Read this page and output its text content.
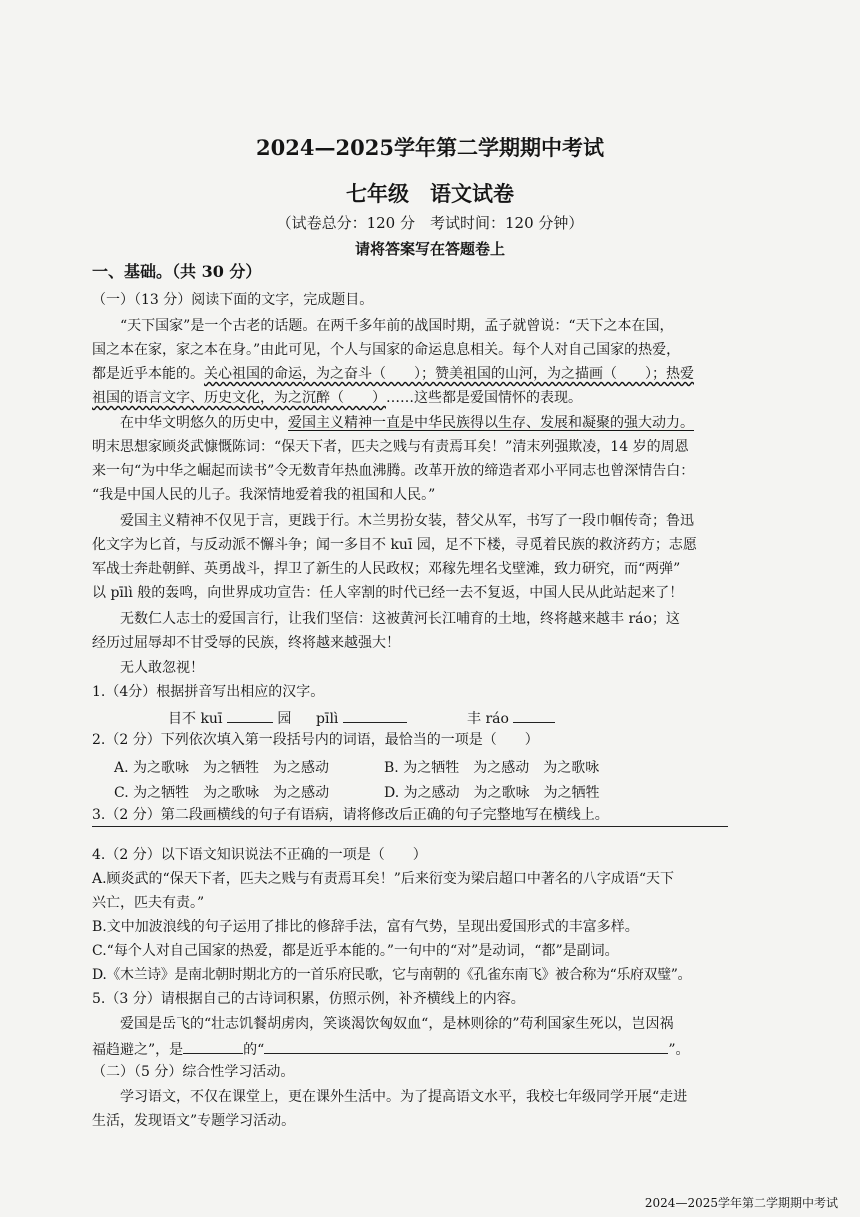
2024—2025学年第二学期期中考试
七年级　语文试卷
（试卷总分：120 分　考试时间：120 分钟）
请将答案写在答题卷上
一、基础。（共 30 分）
（一）（13 分）阅读下面的文字，完成题目。
“天下国家”是一个古老的话题。在两千多年前的战国时期，孟子就曾说：“天下之本在国，
国之本在家，家之本在身。”由此可见，个人与国家的命运息息相关。每个人对自己国家的热爱，
都是近乎本能的。关心祖国的命运，为之奋斗（　　）；赞美祖国的山河，为之描画（　　）；热爱
祖国的语言文字、历史文化，为之沉醉（　　）……这些都是爱国情怀的表现。
在中华文明悠久的历史中，爱国主义精神一直是中华民族得以生存、发展和凝聚的强大动力。
明末思想家顾炎武慷慨陈词：“保天下者，匹夫之贱与有责焉耳矣！”清末列强欺凌，14 岁的周恩
来一句“为中华之崛起而读书”令无数青年热血沸腾。改革开放的缔造者邓小平同志也曾深情告白：
“我是中国人民的儿子。我深情地爱着我的祖国和人民。”
爱国主义精神不仅见于言，更践于行。木兰男扮女装，替父从军，书写了一段巾帼传奇；鲁迅
化文字为匕首，与反动派不懈斗争；闻一多目不 kuī 园，足不下楼，寻觅着民族的救济药方；志愿
军战士奔赴朝鲜、英勇战斗，捍卫了新生的人民政权；邓稼先埋名戈壁滩，致力研究，而“两弹”
以 pīlì 般的轰鸣，向世界成功宣告：任人宰割的时代已经一去不复返，中国人民从此站起来了！
无数仁人志士的爱国言行，让我们坚信：这被黄河长江哺育的土地，终将越来越丰 ráo；这
经历过屈辱却不甘受辱的民族，终将越来越强大！
无人敢忽视！
1.（4分）根据拼音写出相应的汉字。
目不 kuī	园 pīlì	丰 ráo
2.（2 分）下列依次填入第一段括号内的词语，最恰当的一项是（　　）
A. 为之歌咏　为之牺牲　为之感动	B. 为之牺牲　为之感动　为之歌咏
C. 为之牺牲　为之歌咏　为之感动	D. 为之感动　为之歌咏　为之牺牲
3.（2 分）第二段画横线的句子有语病，请将修改后正确的句子完整地写在横线上。
4.（2 分）以下语文知识说法不正确的一项是（　　）
A.顾炎武的“保天下者，匹夫之贱与有责焉耳矣！”后来衍变为梁启超口中著名的八字成语“天下
兴亡，匹夫有责。”
B.文中加波浪线的句子运用了排比的修辞手法，富有气势，呈现出爱国形式的丰富多样。
C.“每个人对自己国家的热爱，都是近乎本能的。”一句中的“对”是动词，“都”是副词。
D.《木兰诗》是南北朝时期北方的一首乐府民歌，它与南朝的《孔雀东南飞》被合称为“乐府双璧”。
5.（3 分）请根据自己的古诗词积累，仿照示例，补齐横线上的内容。
爱国是岳飞的“壮志饥餐胡虏肉，笑谈渴饮匈奴血“，是林则徐的”苟利国家生死以，岂因祸
福趋避之”，是	的“	”。
（二）（5 分）综合性学习活动。
学习语文，不仅在课堂上，更在课外生活中。为了提高语文水平，我校七年级同学开展“走进
生活，发现语文”专题学习活动。
2024—2025学年第二学期期中考试
